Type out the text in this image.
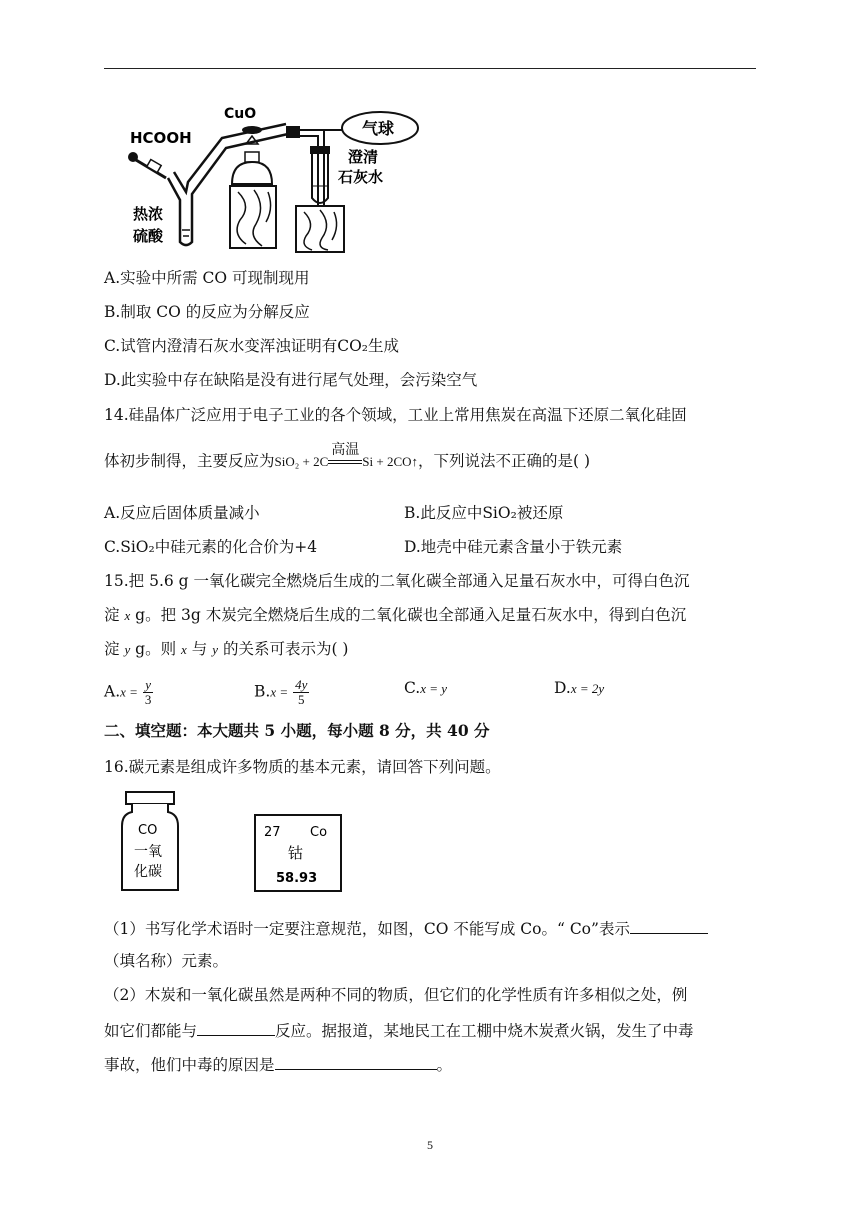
HCOOH
热浓
硫酸
CuO
气球
澄清
石灰水
A.实验中所需 CO 可现制现用
B.制取 CO 的反应为分解反应
C.试管内澄清石灰水变浑浊证明有CO₂生成
D.此实验中存在缺陷是没有进行尾气处理，会污染空气
14.硅晶体广泛应用于电子工业的各个领域，工业上常用焦炭在高温下还原二氧化硅固
体初步制得，主要反应为SiO₂ + 2C
高温
Si + 2CO↑，下列说法不正确的是( )
A.反应后固体质量减小	B.此反应中SiO₂被还原
C.SiO₂中硅元素的化合价为+4	D.地壳中硅元素含量小于铁元素
15.把 5.6 g 一氧化碳完全燃烧后生成的二氧化碳全部通入足量石灰水中，可得白色沉
淀 x g。把 3g 木炭完全燃烧后生成的二氧化碳也全部通入足量石灰水中，得到白色沉
淀 y g。则 x 与 y 的关系可表示为( )
$A.x = \frac{y}{3}$	$B.x = \frac{4y}{5}$	C.x = y	D.x = 2y
二、填空题：本大题共 5 小题，每小题 8 分，共 40 分
16.碳元素是组成许多物质的基本元素，请回答下列问题。
CO
一氧
化碳
27 Co
钴
58.93
（1）书写化学术语时一定要注意规范，如图，CO 不能写成 Co。“ Co”表示
（填名称）元素。
（2）木炭和一氧化碳虽然是两种不同的物质，但它们的化学性质有许多相似之处，例
如它们都能与	反应。据报道，某地民工在工棚中烧木炭煮火锅，发生了中毒
事故，他们中毒的原因是	。
5
